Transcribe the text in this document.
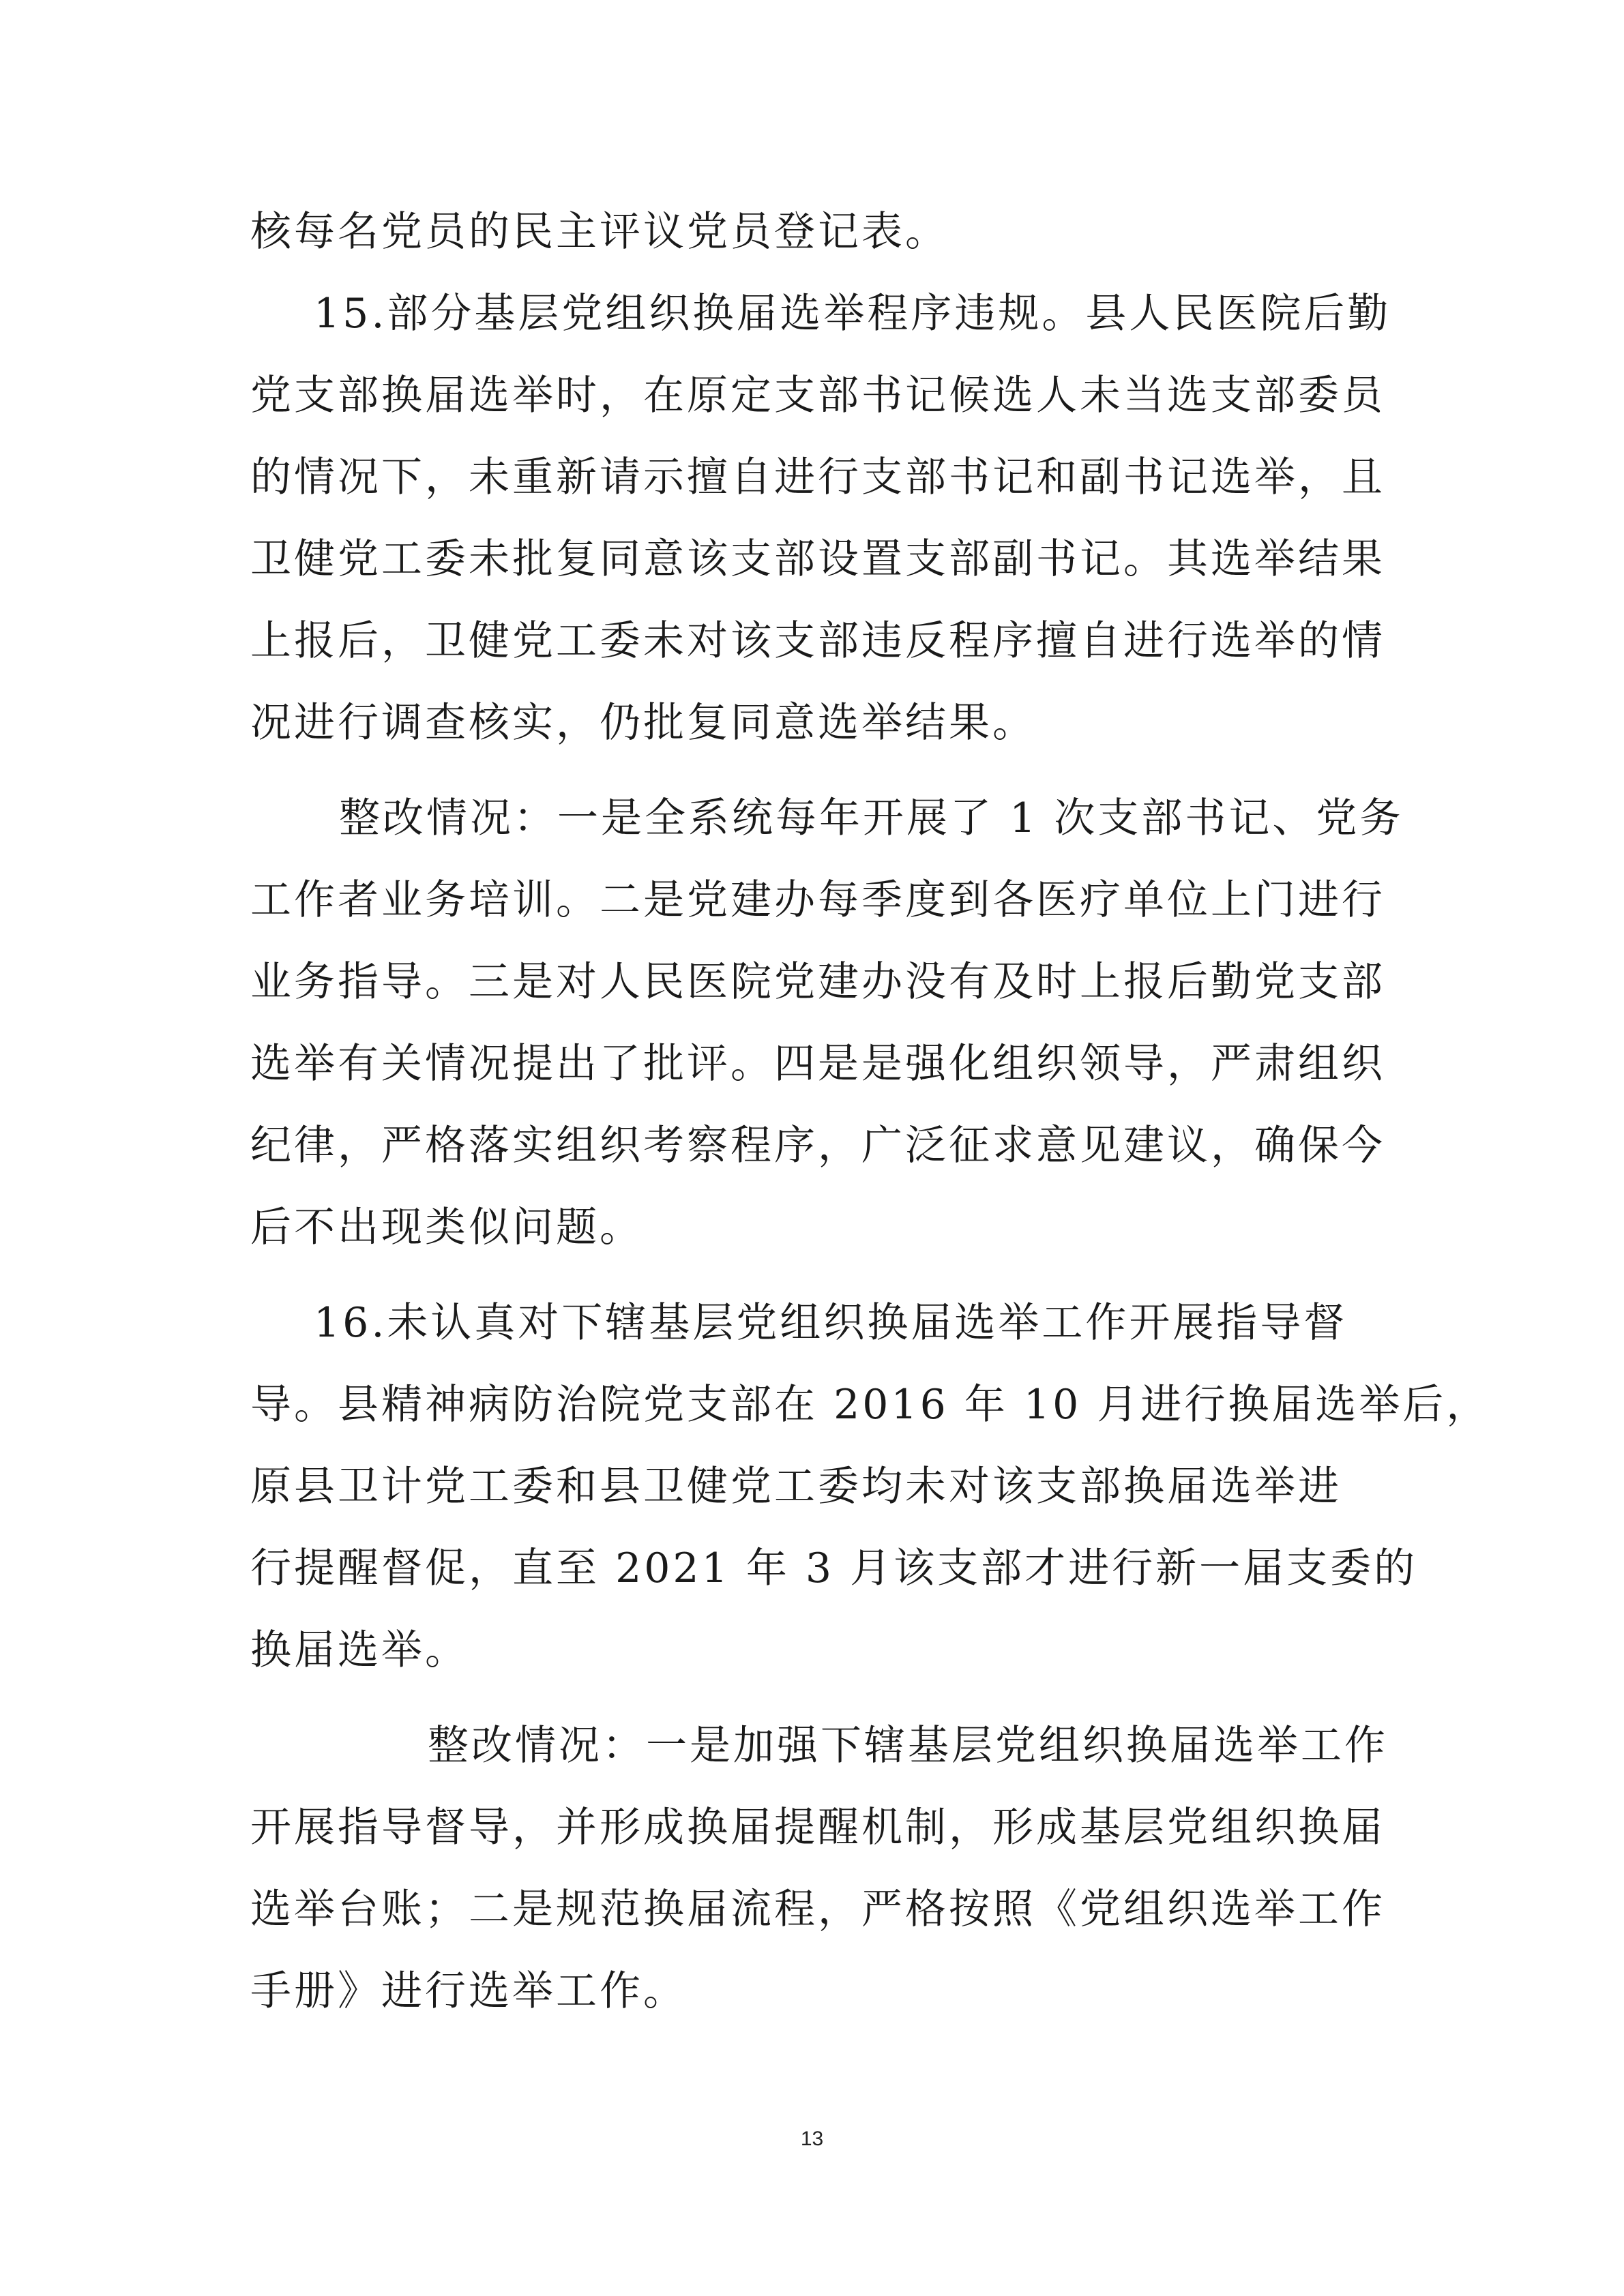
核每名党员的民主评议党员登记表。
15.部分基层党组织换届选举程序违规。县人民医院后勤
党支部换届选举时，在原定支部书记候选人未当选支部委员
的情况下，未重新请示擅自进行支部书记和副书记选举，且
卫健党工委未批复同意该支部设置支部副书记。其选举结果
上报后，卫健党工委未对该支部违反程序擅自进行选举的情
况进行调查核实，仍批复同意选举结果。
整改情况：一是全系统每年开展了 1 次支部书记、党务
工作者业务培训。二是党建办每季度到各医疗单位上门进行
业务指导。三是对人民医院党建办没有及时上报后勤党支部
选举有关情况提出了批评。四是是强化组织领导，严肃组织
纪律，严格落实组织考察程序，广泛征求意见建议，确保今
后不出现类似问题。
16.未认真对下辖基层党组织换届选举工作开展指导督
导。县精神病防治院党支部在 2016 年 10 月进行换届选举后，
原县卫计党工委和县卫健党工委均未对该支部换届选举进
行提醒督促，直至 2021 年 3 月该支部才进行新一届支委的
换届选举。
整改情况：一是加强下辖基层党组织换届选举工作
开展指导督导，并形成换届提醒机制，形成基层党组织换届
选举台账；二是规范换届流程，严格按照《党组织选举工作
手册》进行选举工作。
13
